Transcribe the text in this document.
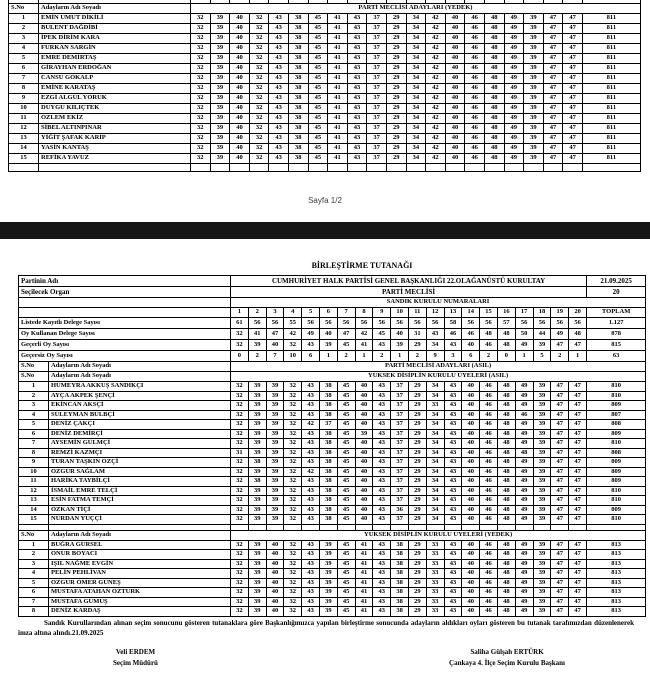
S.No	Adayların Adı Soyadı	PARTİ MECLİSİ ADAYLARI (YEDEK)																				
1	EMİN UMUT DİKİLİ	32	39	40	32	43	38	45	41	43	37	29	34	42	40	46	48	49	39	47	47	811
2	BÜLENT DAĞDİBİ	32	39	40	32	43	38	45	41	43	37	29	34	42	40	46	48	49	39	47	47	811
3	İPEK DİRİM KARA	32	39	40	32	43	38	45	41	43	37	29	34	42	40	46	48	49	39	47	47	811
4	FURKAN SARGİN	32	39	40	32	43	38	45	41	43	37	29	34	42	40	46	48	49	39	47	47	811
5	EMRE DEMİRTAŞ	32	39	40	32	43	38	45	41	43	37	29	34	42	40	46	48	49	39	47	47	811
6	GİRAYHAN ERDOĞAN	32	39	40	32	43	38	45	41	43	37	29	34	42	40	46	48	49	39	47	47	811
7	CANSU GÖKALP	32	39	40	32	43	38	45	41	43	37	29	34	42	40	46	48	49	39	47	47	811
8	EMİNE KARATAŞ	32	39	40	32	43	38	45	41	43	37	29	34	42	40	46	48	49	39	47	47	811
9	EZGİ ALGÜL YÖRÜK	32	39	40	32	43	38	45	41	43	37	29	34	42	40	46	48	49	39	47	47	811
10	DUYGU KILIÇTEK	32	39	40	32	43	38	45	41	43	37	29	34	42	40	46	48	49	39	47	47	811
11	ÖZLEM EKİZ	32	39	40	32	43	38	45	41	43	37	29	34	42	40	46	48	49	39	47	47	811
12	SİBEL ALTINPINAR	32	39	40	32	43	38	45	41	43	37	29	34	42	40	46	48	49	39	47	47	811
13	YİĞİT ŞAFAK KARİP	32	39	40	32	43	38	45	41	43	37	29	34	42	40	46	48	49	39	47	47	811
14	YASİN KANTAŞ	32	39	40	32	43	38	45	41	43	37	29	34	42	40	46	48	49	39	47	47	811
15	REFİKA YAVUZ	32	39	40	32	43	38	45	41	43	37	29	34	42	40	46	48	49	39	47	47	811

Sayfa 1/2
BİRLEŞTİRME TUTANAĞI
Partinin Adı		CUMHURİYET HALK PARTİSİ GENEL BAŞKANLIĞI 22.OLAĞANÜSTÜ KURULTAY																				21.09.2025
Seçilecek Organ		PARTİ MECLİSİ																				20
		SANDIK KURULU NUMARALARI																				
		1	2	3	4	5	6	7	8	9	10	11	12	13	14	15	16	17	18	19	20	TOPLAM
Listede Kayıtlı Delege Sayısı		61	56	56	55	56	56	56	56	56	56	56	56	58	56	56	57	56	56	56	56	1.127
Oy Kullanan Delege Sayısı		32	41	47	42	49	40	47	42	45	40	31	43	46	46	48	48	50	44	49	48	878
Geçerli Oy Sayısı		32	39	40	32	43	39	45	41	43	39	29	34	43	40	46	48	49	39	47	47	815
Geçersiz Oy Sayısı		0	2	7	10	6	1	2	1	2	1	2	9	3	6	2	0	1	5	2	1	63
S.No	Adayların Adı Soyadı	PARTİ MECLİSİ ADAYLARI (ASIL)																				
S.No	Adayların Adı Soyadı	YÜKSEK DİSİPLİN KURULU ÜYELERİ (ASIL)																				
1	HÜMEYRA AKKUŞ SANDIKÇI	32	39	39	32	43	38	45	40	43	37	29	34	43	40	46	48	49	39	47	47	810
2	AYÇA AKPEK ŞENÇİ	32	39	39	32	43	38	45	40	43	37	29	34	43	40	46	48	49	39	47	47	810
3	EKİNCAN AKSÇİ	32	39	39	32	43	38	45	40	43	37	29	33	43	40	46	48	49	39	47	47	809
4	SÜLEYMAN BÜLBÇİ	32	39	39	32	43	38	45	40	43	37	29	34	43	40	46	48	46	39	47	47	807
5	DENİZ ÇAKÇI	32	39	39	32	42	37	45	40	43	37	29	34	43	40	46	48	49	39	47	47	808
6	DENİZ DEMİRÇİ	32	39	39	32	43	38	45	39	43	37	29	34	43	40	46	48	49	39	47	47	809
7	AYSEMİN GÜLMÇİ	32	39	39	32	43	38	45	40	43	37	29	34	43	40	46	48	49	39	47	47	810
8	REMZİ KAZMÇI	31	39	39	32	43	38	45	40	43	37	29	34	43	40	46	48	48	39	47	47	808
9	TURAN TAŞKIN ÖZÇİ	32	38	39	32	43	38	45	40	43	37	29	34	43	40	46	48	49	39	47	47	809
10	ÖZGÜR SAĞLAM	32	39	39	32	42	38	45	40	43	37	29	34	43	40	46	48	49	39	47	47	809
11	HARİKA TAYBİLÇİ	32	38	39	32	43	38	45	40	43	37	29	34	43	40	46	48	49	39	47	47	809
12	İSMAİL EMRE TELÇİ	32	39	39	32	43	38	45	40	43	37	29	34	43	40	46	48	49	39	47	47	810
13	ESİN FATMA TEMÇİ	32	39	39	32	43	38	45	40	43	37	29	34	43	40	46	48	49	39	47	47	810
14	ÖZKAN TİÇİ	32	39	39	32	43	38	45	40	43	36	29	34	43	40	46	48	49	39	47	47	809
15	NURDAN YÜÇÇİ	32	39	39	32	43	38	45	40	43	37	29	34	43	40	46	48	49	39	47	47	810

S.No	Adayların Adı Soyadı	YÜKSEK DİSİPLİN KURULU ÜYELERİ (YEDEK)																				
1	BUĞRA GÜRSEL	32	39	40	32	43	39	45	41	43	38	29	33	43	40	46	48	49	39	47	47	813
2	ONUR BOYACI	32	39	40	32	43	39	45	41	43	38	29	33	43	40	46	48	49	39	47	47	813
3	IŞIL NAĞME EVGİN	32	39	40	32	43	39	45	41	43	38	29	33	43	40	46	48	49	39	47	47	813
4	PELİN PEHLİVAN	32	39	40	32	43	39	45	41	43	38	29	33	43	40	46	48	49	39	47	47	813
5	ÖZGÜR ÖMER GÜNEŞ	32	39	40	32	43	39	45	41	43	38	29	33	43	40	46	48	49	39	47	47	813
6	MUSTAFA ATAHAN ÖZTÜRK	32	39	40	32	43	39	45	41	43	38	29	33	43	40	46	48	49	39	47	47	813
7	MUSTAFA GÜMÜŞ	32	39	40	32	43	39	45	41	43	38	29	33	43	40	46	48	49	39	47	47	813
8	DENİZ KARDAŞ	32	39	40	32	43	39	45	41	43	38	29	33	43	40	46	48	49	39	47	47	813

Sandık Kurullarından alınan seçim sonucunu gösteren tutanaklara göre Başkanlığımızca yapılan birleştirme sonucunda adayların aldıkları oyları gösteren bu tutanak tarafımızdan düzenlenerek imza altına alındı.21.09.2025

Veli ERDEM
Seçim Müdürü
Saliha Gülşah ERTÜRK
Çankaya 4. İlçe Seçim Kurulu Başkanı
